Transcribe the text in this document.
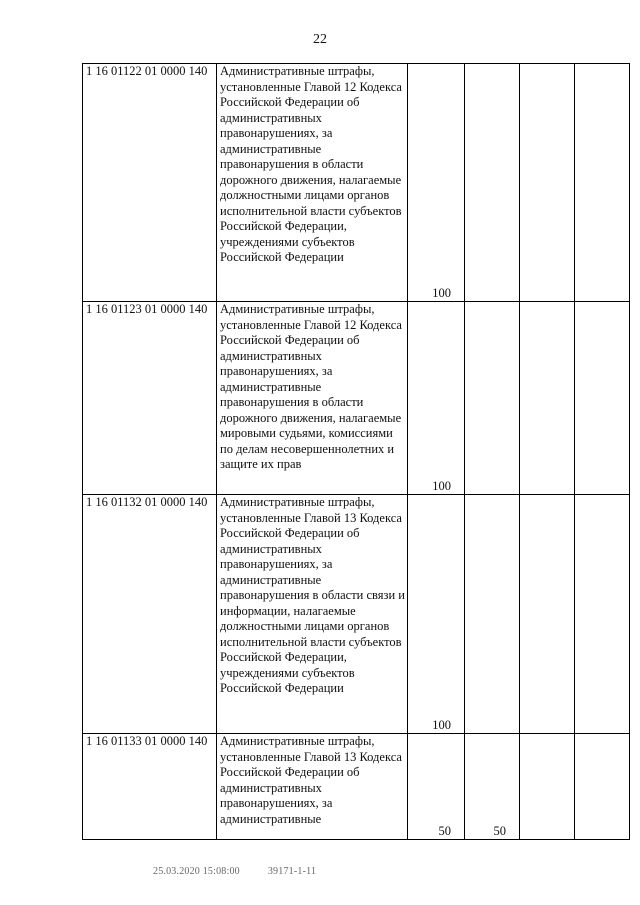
22
1 16 01122 01 0000 140	Административные штрафы, установленные Главой 12 Кодекса Российской Федерации об административных правонарушениях, за административные правонарушения в области дорожного движения, налагаемые должностными лицами органов исполнительной власти субъектов Российской Федерации, учреждениями субъектов Российской Федерации	100			
1 16 01123 01 0000 140	Административные штрафы, установленные Главой 12 Кодекса Российской Федерации об административных правонарушениях, за административные правонарушения в области дорожного движения, налагаемые мировыми судьями, комиссиями по делам несовершеннолетних и защите их прав	100			
1 16 01132 01 0000 140	Административные штрафы, установленные Главой 13 Кодекса Российской Федерации об административных правонарушениях, за административные правонарушения в области связи и информации, налагаемые должностными лицами органов исполнительной власти субъектов Российской Федерации, учреждениями субъектов Российской Федерации	100			
1 16 01133 01 0000 140	Административные штрафы, установленные Главой 13 Кодекса Российской Федерации об административных правонарушениях, за административные	50	50		
25.03.2020 15:08:00	39171-1-11
